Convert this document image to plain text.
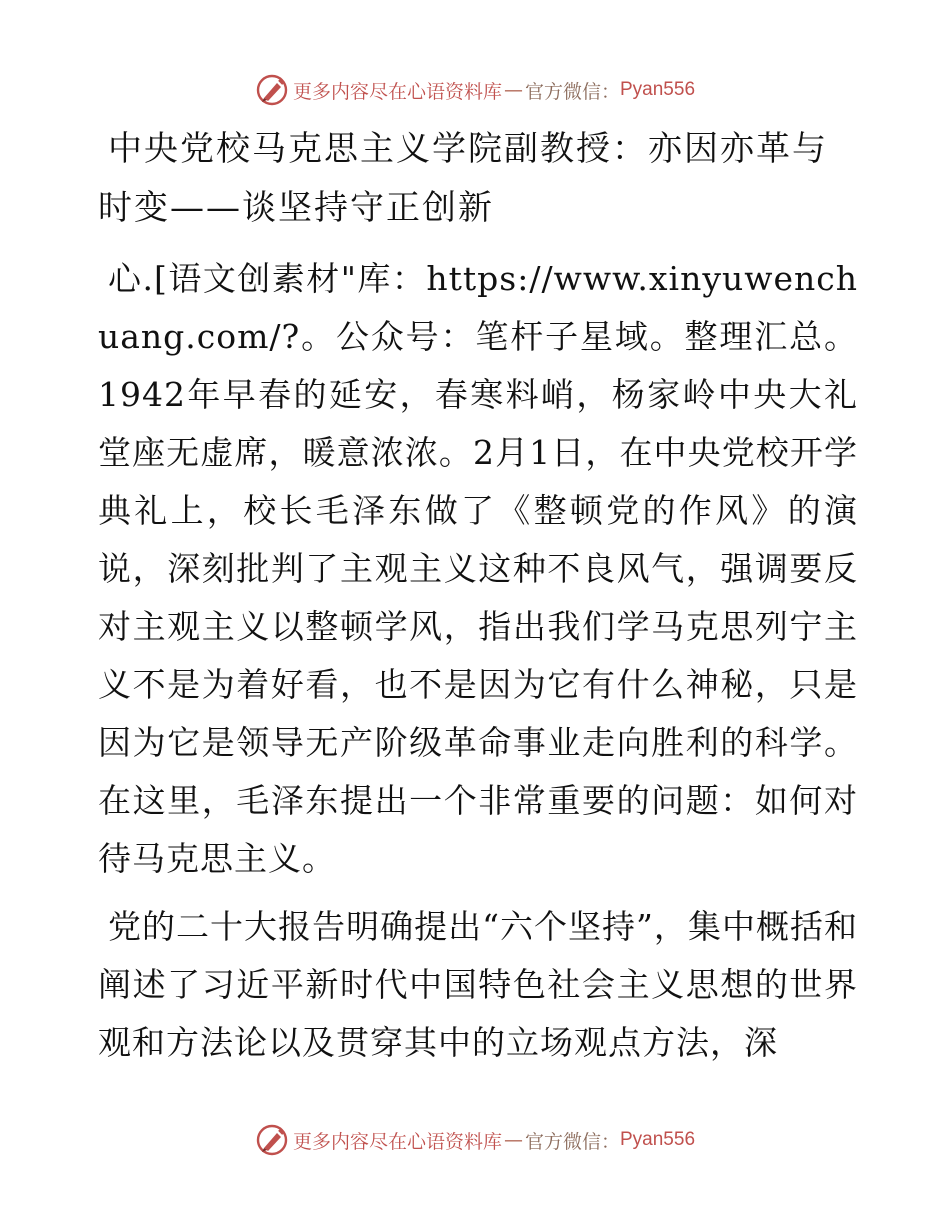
更多内容尽在心语资料库 — 官方微信： Pyan556
中央党校马克思主义学院副教授：亦因亦革与时变——谈坚持守正创新

心.[语文创素材"库：https://www.xinyuwenchuang.com/?。公众号：笔杆子星域。整理汇总。1942年早春的延安，春寒料峭，杨家岭中央大礼堂座无虚席，暖意浓浓。2月1日，在中央党校开学典礼上，校长毛泽东做了《整顿党的作风》的演说，深刻批判了主观主义这种不良风气，强调要反对主观主义以整顿学风，指出我们学马克思列宁主义不是为着好看，也不是因为它有什么神秘，只是因为它是领导无产阶级革命事业走向胜利的科学。在这里，毛泽东提出一个非常重要的问题：如何对待马克思主义。

党的二十大报告明确提出“六个坚持”，集中概括和阐述了习近平新时代中国特色社会主义思想的世界观和方法论以及贯穿其中的立场观点方法，深

更多内容尽在心语资料库 — 官方微信： Pyan556
